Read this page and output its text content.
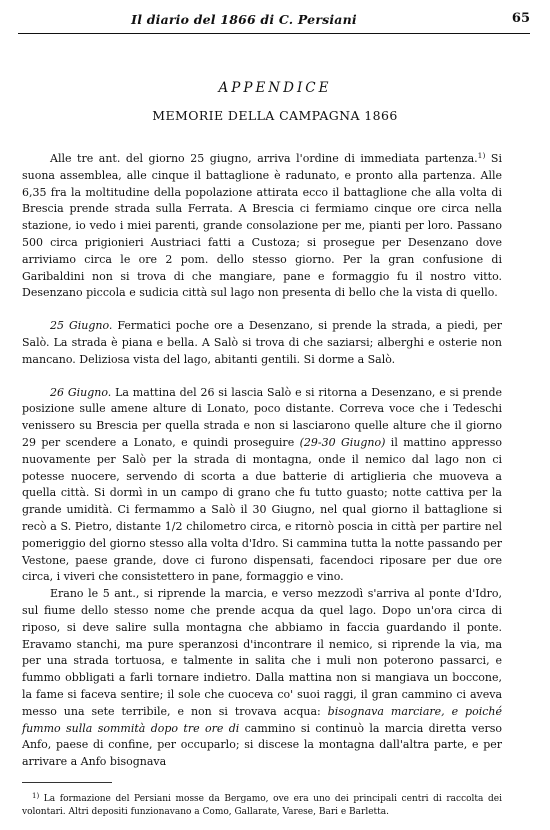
Il diario del 1866 di C. Persiani	65
APPENDICE
MEMORIE DELLA CAMPAGNA 1866

Alle tre ant. del giorno 25 giugno, arriva l'ordine di immediata partenza.$^{1)}$ Si suona assemblea, alle cinque il battaglione è radunato, e pronto alla partenza. Alle 6,35 fra la moltitudine della popolazione attirata ecco il battaglione che alla volta di Brescia prende strada sulla Ferrata. A Brescia ci fermiamo cinque ore circa nella stazione, io vedo i miei parenti, grande consolazione per me, pianti per loro. Passano 500 circa prigionieri Austriaci fatti a Custoza; si prosegue per Desenzano dove arriviamo circa le ore 2 pom. dello stesso giorno. Per la gran confusione di Garibaldini non si trova di che mangiare, pane e formaggio fu il nostro vitto. Desenzano piccola e sudicia città sul lago non presenta di bello che la vista di quello.

25 Giugno. Fermatici poche ore a Desenzano, si prende la strada, a piedi, per Salò. La strada è piana e bella. A Salò si trova di che saziarsi; alberghi e osterie non mancano. Deliziosa vista del lago, abitanti gentili. Si dorme a Salò.

26 Giugno. La mattina del 26 si lascia Salò e si ritorna a Desenzano, e si prende posizione sulle amene alture di Lonato, poco distante. Correva voce che i Tedeschi venissero su Brescia per quella strada e non si lasciarono quelle alture che il giorno 29 per scendere a Lonato, e quindi proseguire (29-30 Giugno) il mattino appresso nuovamente per Salò per la strada di montagna, onde il nemico dal lago non ci potesse nuocere, servendo di scorta a due batterie di artiglieria che muoveva a quella città. Si dormì in un campo di grano che fu tutto guasto; notte cattiva per la grande umidità. Ci fermammo a Salò il 30 Giugno, nel qual giorno il battaglione si recò a S. Pietro, distante 1/2 chilometro circa, e ritornò poscia in città per partire nel pomeriggio del giorno stesso alla volta d'Idro. Si cammina tutta la notte passando per Vestone, paese grande, dove ci furono dispensati, facendoci riposare per due ore circa, i viveri che consistettero in pane, formaggio e vino.

Erano le 5 ant., si riprende la marcia, e verso mezzodì s'arriva al ponte d'Idro, sul fiume dello stesso nome che prende acqua da quel lago. Dopo un'ora circa di riposo, si deve salire sulla montagna che abbiamo in faccia guardando il ponte. Eravamo stanchi, ma pure speranzosi d'incontrare il nemico, si riprende la via, ma per una strada tortuosa, e talmente in salita che i muli non poterono passarci, e fummo obbligati a farli tornare indietro. Dalla mattina non si mangiava un boccone, la fame si faceva sentire; il sole che cuoceva co' suoi raggi, il gran cammino ci aveva messo una sete terribile, e non si trovava acqua: bisognava marciare, e poiché fummo sulla sommità dopo tre ore di cammino si continuò la marcia diretta verso Anfo, paese di confine, per occuparlo; si discese la montagna dall'altra parte, e per arrivare a Anfo bisognava

$^{1)}$ La formazione del Persiani mosse da Bergamo, ove era uno dei principali centri di raccolta dei volontari. Altri depositi funzionavano a Como, Gallarate, Varese, Bari e Barletta.
